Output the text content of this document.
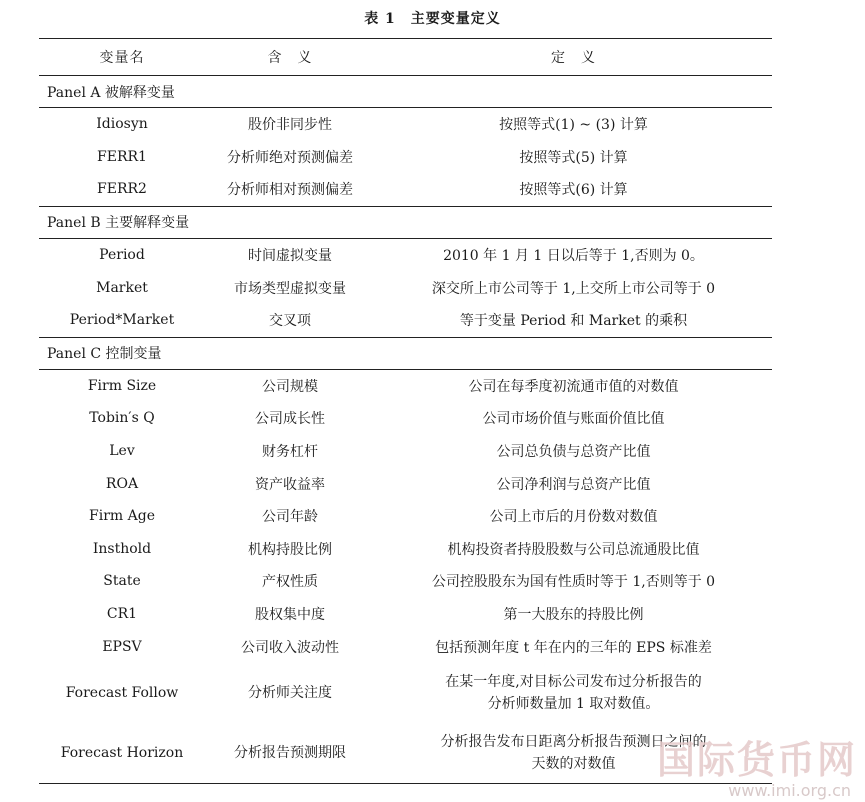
表 1　主要变量定义
变量名	含　义	定　义
Panel A 被解释变量		
Idiosyn	股价非同步性	按照等式(1) ~ (3) 计算
FERR1	分析师绝对预测偏差	按照等式(5) 计算
FERR2	分析师相对预测偏差	按照等式(6) 计算
Panel B 主要解释变量		
Period	时间虚拟变量	2010 年 1 月 1 日以后等于 1,否则为 0。
Market	市场类型虚拟变量	深交所上市公司等于 1,上交所上市公司等于 0
Period*Market	交叉项	等于变量 Period 和 Market 的乘积
Panel C 控制变量		
Firm Size	公司规模	公司在每季度初流通市值的对数值
Tobin′s Q	公司成长性	公司市场价值与账面价值比值
Lev	财务杠杆	公司总负债与总资产比值
ROA	资产收益率	公司净利润与总资产比值
Firm Age	公司年龄	公司上市后的月份数对数值
Insthold	机构持股比例	机构投资者持股股数与公司总流通股比值
State	产权性质	公司控股股东为国有性质时等于 1,否则等于 0
CR1	股权集中度	第一大股东的持股比例
EPSV	公司收入波动性	包括预测年度 t 年在内的三年的 EPS 标准差
Forecast Follow	分析师关注度	在某一年度,对目标公司发布过分析报告的
分析师数量加 1 取对数值。
Forecast Horizon	分析报告预测期限	分析报告发布日距离分析报告预测日之间的
天数的对数值 国际货币网
www.imi.org.cn
